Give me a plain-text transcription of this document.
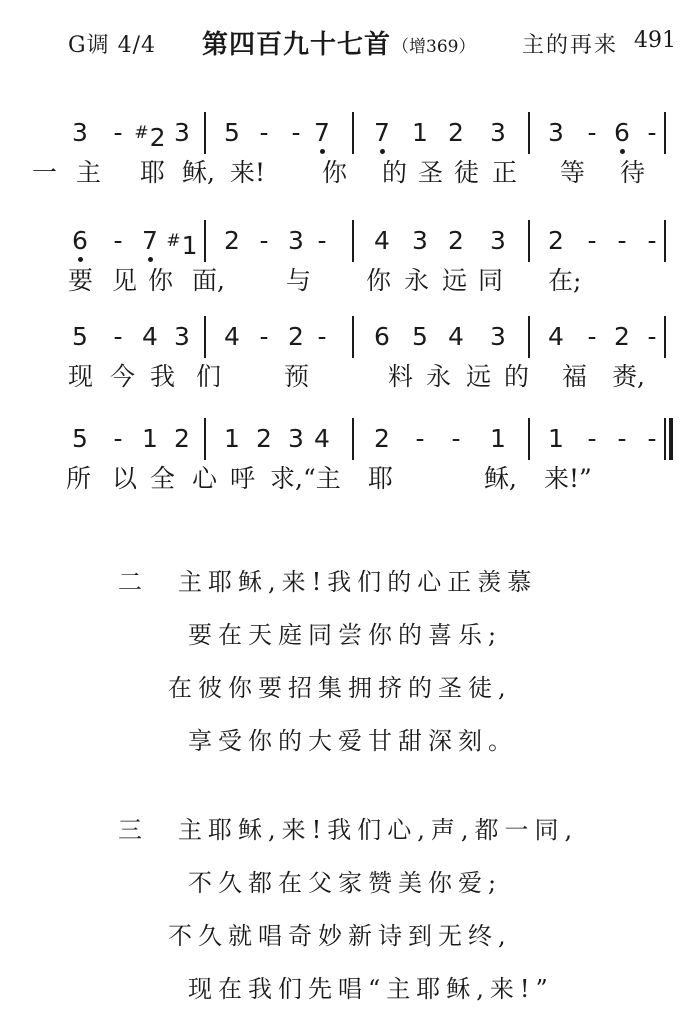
G调 4/4 第四百九十七首 （增369） 主的再来 491
3	- #2 3	5 - - 7	7 1 2	3	3 - 6 -
一 主 耶 稣, 来! 你 的 圣 徒 正 等 待
6	- 7 #1	2 - 3 -	4 3 2	3	2 - - -
要 见 你 面, 与 你 永 远 同 在;
5	- 4 3	4 - 2 -	6 5 4	3	4 - 2 -
现 今 我 们	预	料 永 远 的 福 赉,
5	- 1 2	1 2 3 4	2	-	-	1	1 - - -
所 以 全 心 呼 求,“主 耶	稣, 来!”
二　主耶稣,来!我们的心正羡慕
要在天庭同尝你的喜乐;
在彼你要招集拥挤的圣徒,
享受你的大爱甘甜深刻。
三　主耶稣,来!我们心,声,都一同,
不久都在父家赞美你爱;
不久就唱奇妙新诗到无终,
现在我们先唱“主耶稣,来!”
